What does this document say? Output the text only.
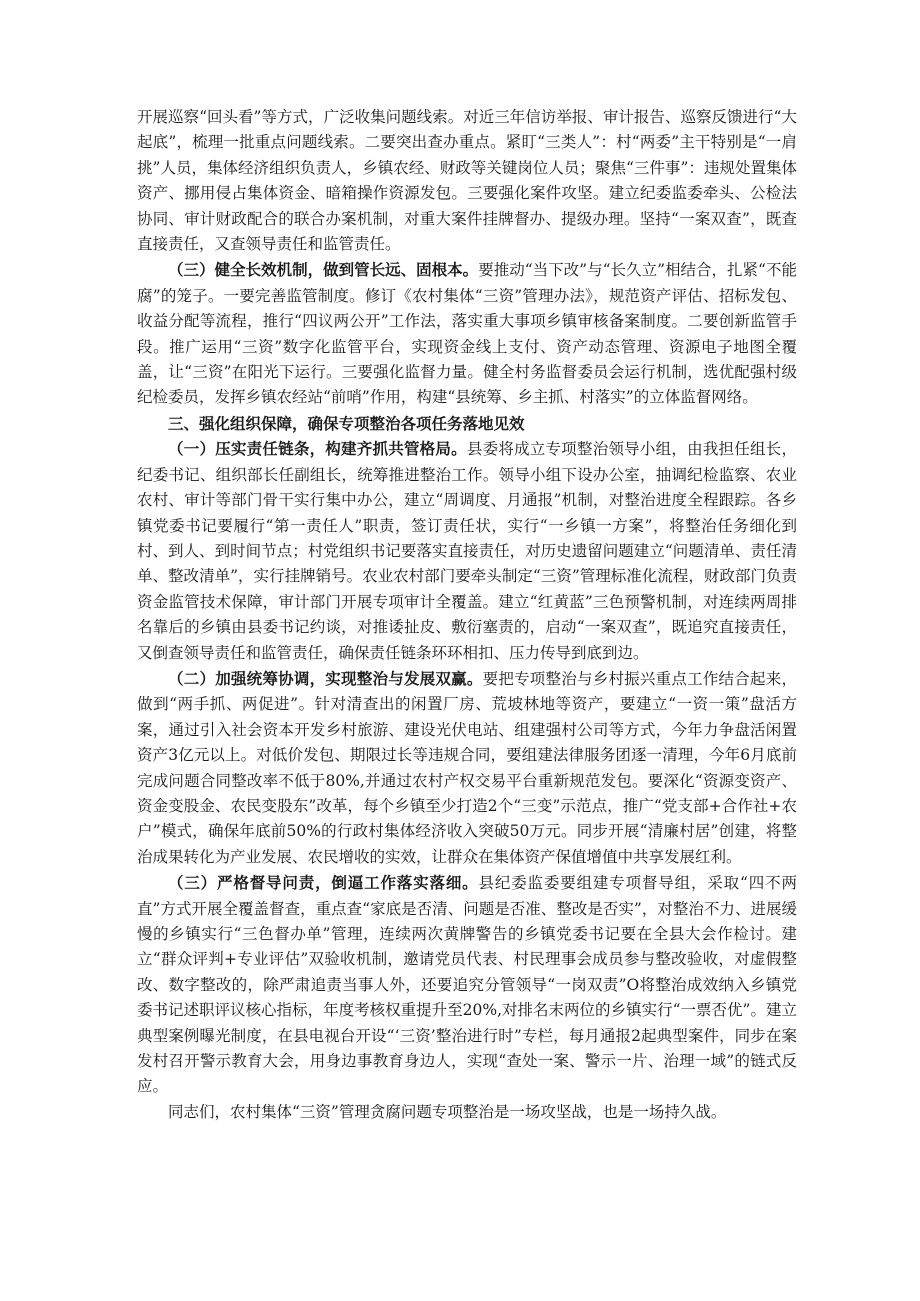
开展巡察“回头看”等方式，广泛收集问题线索。对近三年信访举报、审计报告、巡察反馈进行“大起底”，梳理一批重点问题线索。二要突出查办重点。紧盯“三类人”：村“两委”主干特别是“一肩挑”人员，集体经济组织负责人，乡镇农经、财政等关键岗位人员；聚焦“三件事”：违规处置集体资产、挪用侵占集体资金、暗箱操作资源发包。三要强化案件攻坚。建立纪委监委牵头、公检法协同、审计财政配合的联合办案机制，对重大案件挂牌督办、提级办理。坚持“一案双查”，既查直接责任，又查领导责任和监管责任。

（三）健全长效机制，做到管长远、固根本。要推动“当下改”与“长久立”相结合，扎紧“不能腐”的笼子。一要完善监管制度。修订《农村集体“三资”管理办法》，规范资产评估、招标发包、收益分配等流程，推行“四议两公开”工作法，落实重大事项乡镇审核备案制度。二要创新监管手段。推广运用“三资”数字化监管平台，实现资金线上支付、资产动态管理、资源电子地图全覆盖，让“三资”在阳光下运行。三要强化监督力量。健全村务监督委员会运行机制，选优配强村级纪检委员，发挥乡镇农经站“前哨”作用，构建“县统筹、乡主抓、村落实”的立体监督网络。

三、强化组织保障，确保专项整治各项任务落地见效

（一）压实责任链条，构建齐抓共管格局。县委将成立专项整治领导小组，由我担任组长，纪委书记、组织部长任副组长，统筹推进整治工作。领导小组下设办公室，抽调纪检监察、农业农村、审计等部门骨干实行集中办公，建立“周调度、月通报”机制，对整治进度全程跟踪。各乡镇党委书记要履行“第一责任人”职责，签订责任状，实行“一乡镇一方案”，将整治任务细化到村、到人、到时间节点；村党组织书记要落实直接责任，对历史遗留问题建立“问题清单、责任清单、整改清单”，实行挂牌销号。农业农村部门要牵头制定“三资”管理标准化流程，财政部门负责资金监管技术保障，审计部门开展专项审计全覆盖。建立“红黄蓝”三色预警机制，对连续两周排名靠后的乡镇由县委书记约谈，对推诿扯皮、敷衍塞责的，启动“一案双查”，既追究直接责任，又倒查领导责任和监管责任，确保责任链条环环相扣、压力传导到底到边。

（二）加强统筹协调，实现整治与发展双赢。要把专项整治与乡村振兴重点工作结合起来，做到“两手抓、两促进”。针对清查出的闲置厂房、荒坡林地等资产，要建立“一资一策”盘活方案，通过引入社会资本开发乡村旅游、建设光伏电站、组建强村公司等方式，今年力争盘活闲置资产3亿元以上。对低价发包、期限过长等违规合同，要组建法律服务团逐一清理，今年6月底前完成问题合同整改率不低于80%,并通过农村产权交易平台重新规范发包。要深化“资源变资产、资金变股金、农民变股东”改革，每个乡镇至少打造2个“三变”示范点，推广“党支部+合作社+农户”模式，确保年底前50%的行政村集体经济收入突破50万元。同步开展“清廉村居”创建，将整治成果转化为产业发展、农民增收的实效，让群众在集体资产保值增值中共享发展红利。

（三）严格督导问责，倒逼工作落实落细。县纪委监委要组建专项督导组，采取“四不两直”方式开展全覆盖督查，重点查“家底是否清、问题是否准、整改是否实”，对整治不力、进展缓慢的乡镇实行“三色督办单”管理，连续两次黄牌警告的乡镇党委书记要在全县大会作检讨。建立“群众评判+专业评估”双验收机制，邀请党员代表、村民理事会成员参与整改验收，对虚假整改、数字整改的，除严肃追责当事人外，还要追究分管领导“一岗双责”O将整治成效纳入乡镇党委书记述职评议核心指标，年度考核权重提升至20%,对排名末两位的乡镇实行“一票否优”。建立典型案例曝光制度，在县电视台开设“‘三资’整治进行时”专栏，每月通报2起典型案件，同步在案发村召开警示教育大会，用身边事教育身边人，实现“查处一案、警示一片、治理一域”的链式反应。

同志们，农村集体“三资”管理贪腐问题专项整治是一场攻坚战，也是一场持久战。
